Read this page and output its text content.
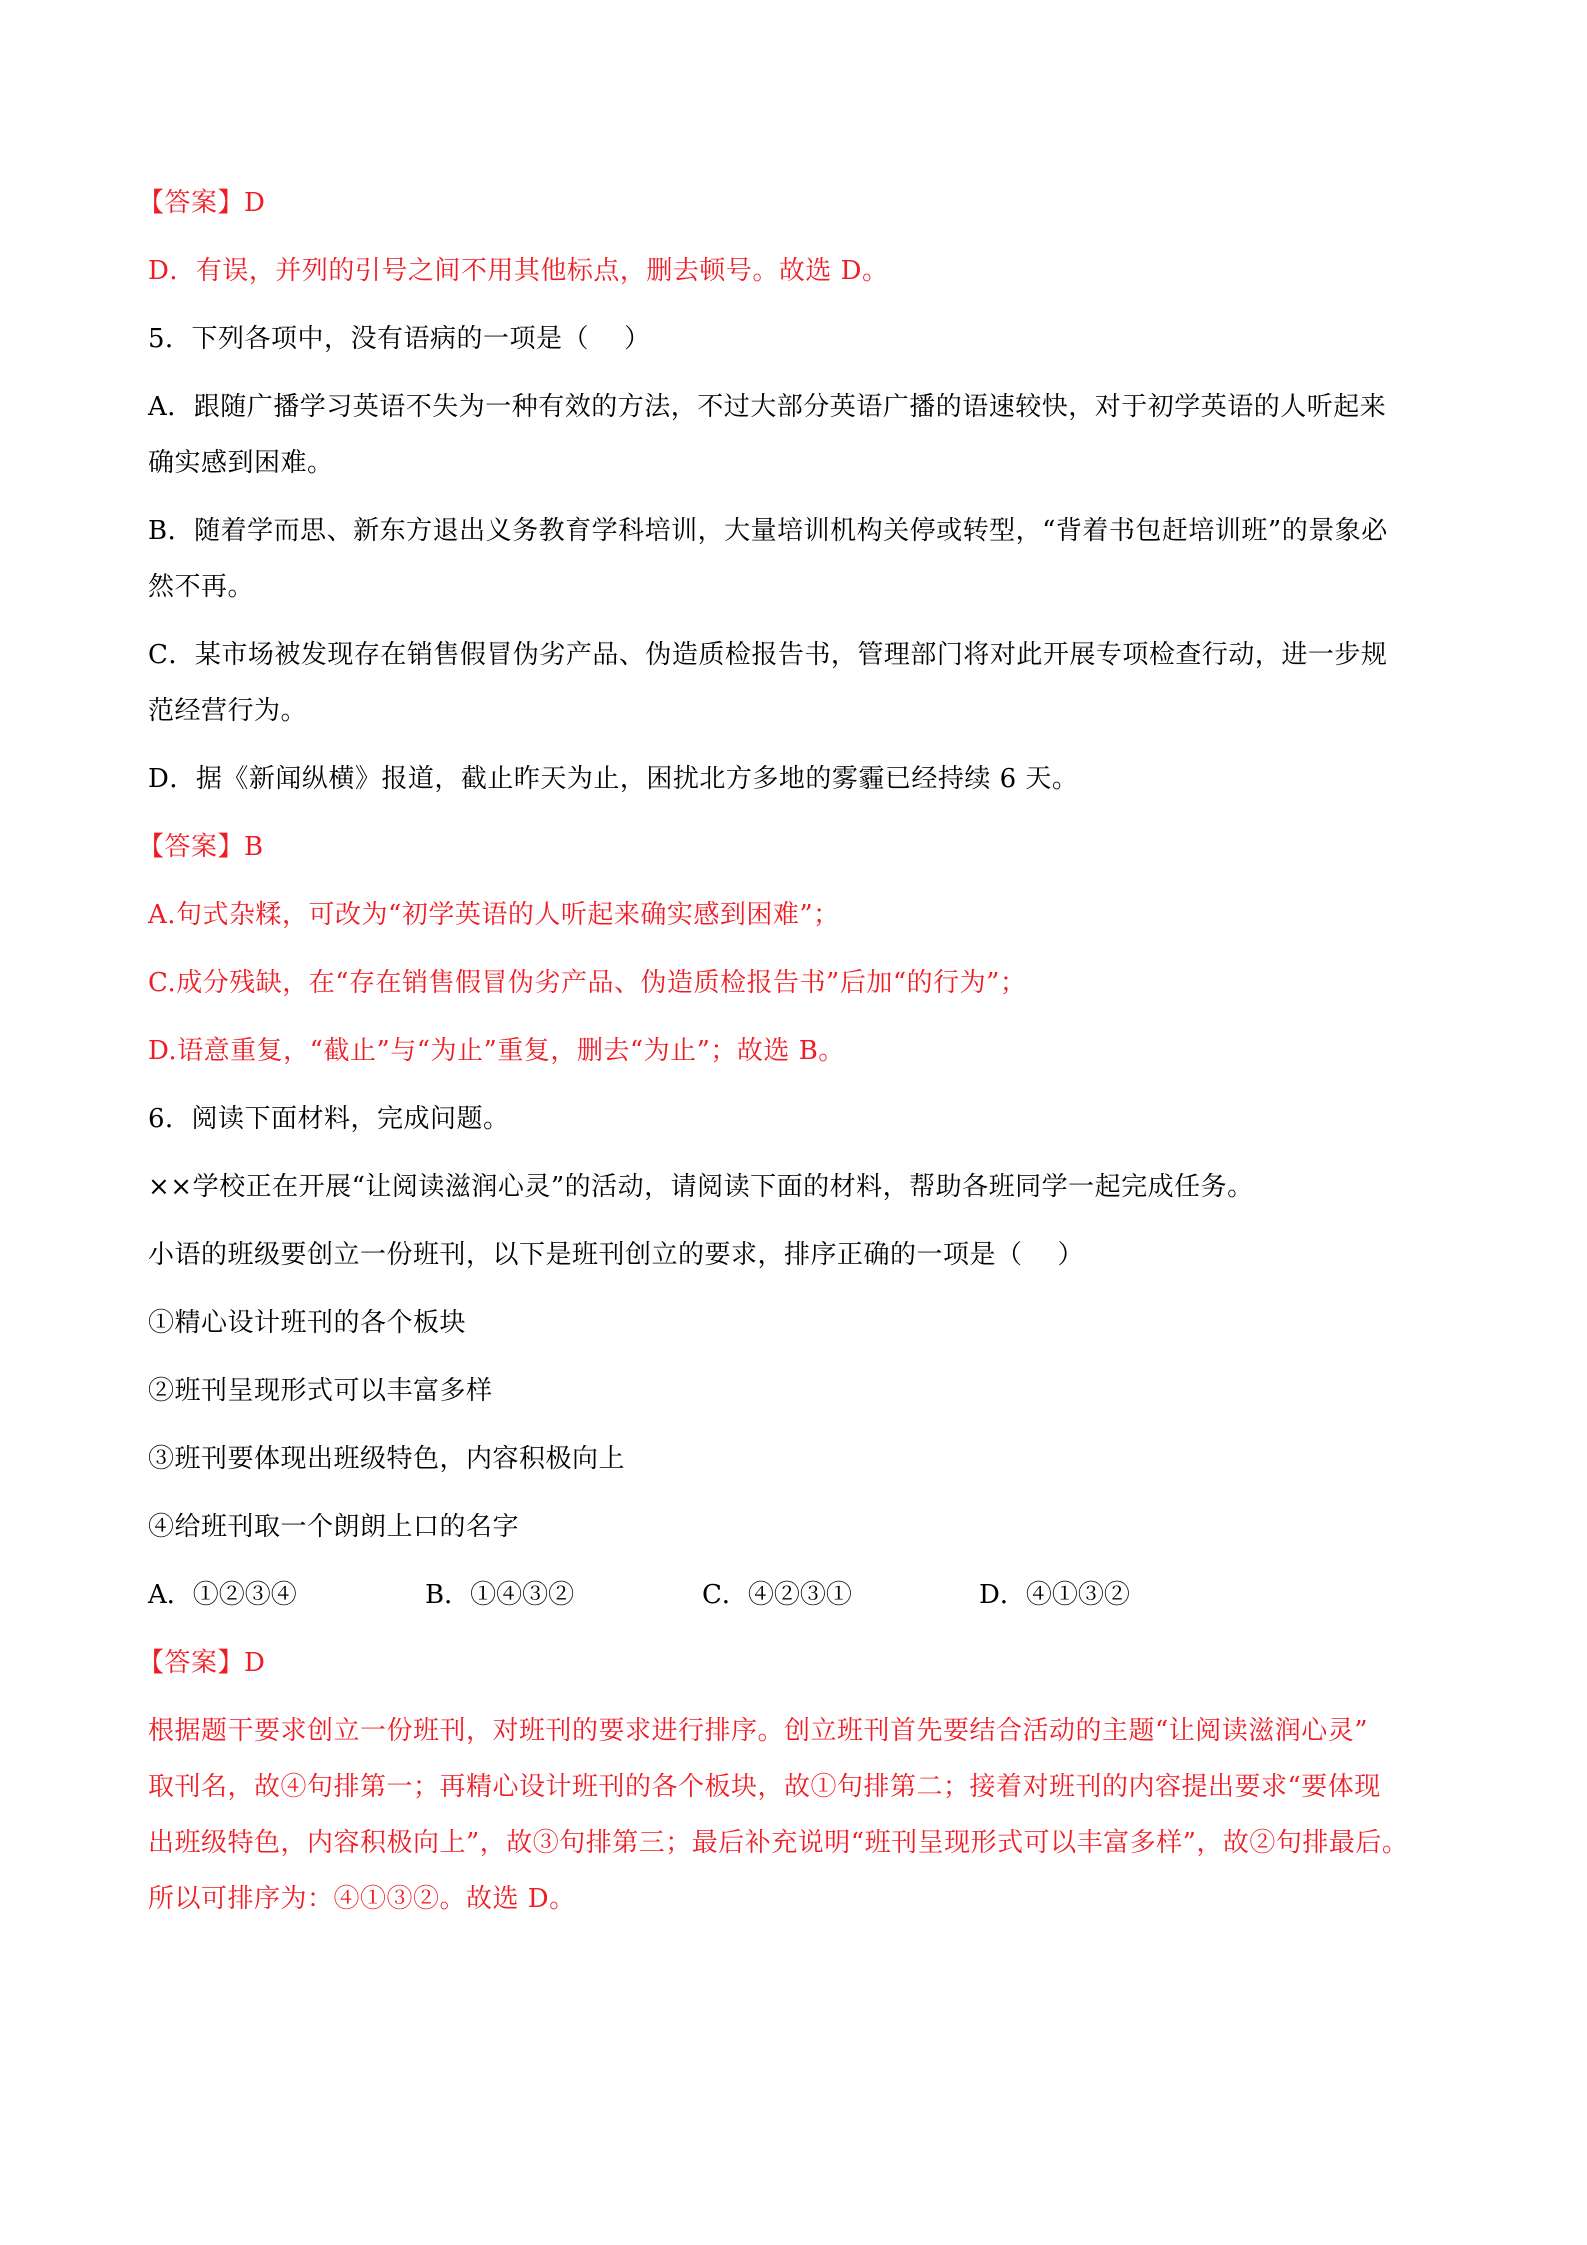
【答案】D
D．有误，并列的引号之间不用其他标点，删去顿号。故选 D。
5．下列各项中，没有语病的一项是（    ）
A．跟随广播学习英语不失为一种有效的方法，不过大部分英语广播的语速较快，对于初学英语的人听起来
确实感到困难。
B．随着学而思、新东方退出义务教育学科培训，大量培训机构关停或转型，“背着书包赶培训班”的景象必
然不再。
C．某市场被发现存在销售假冒伪劣产品、伪造质检报告书，管理部门将对此开展专项检查行动，进一步规
范经营行为。
D．据《新闻纵横》报道，截止昨天为止，困扰北方多地的雾霾已经持续 6 天。
【答案】B
A.句式杂糅，可改为“初学英语的人听起来确实感到困难”；
C.成分残缺，在“存在销售假冒伪劣产品、伪造质检报告书”后加“的行为”；
D.语意重复，“截止”与“为止”重复，删去“为止”；故选 B。
6．阅读下面材料，完成问题。
××学校正在开展“让阅读滋润心灵”的活动，请阅读下面的材料，帮助各班同学一起完成任务。
小语的班级要创立一份班刊，以下是班刊创立的要求，排序正确的一项是（    ）
①精心设计班刊的各个板块
②班刊呈现形式可以丰富多样
③班刊要体现出班级特色，内容积极向上
④给班刊取一个朗朗上口的名字
A．①②③④	B．①④③②	C．④②③①	D．④①③②
【答案】D
根据题干要求创立一份班刊，对班刊的要求进行排序。创立班刊首先要结合活动的主题“让阅读滋润心灵”
取刊名，故④句排第一；再精心设计班刊的各个板块，故①句排第二；接着对班刊的内容提出要求“要体现
出班级特色，内容积极向上”，故③句排第三；最后补充说明“班刊呈现形式可以丰富多样”，故②句排最后。
所以可排序为：④①③②。故选 D。
